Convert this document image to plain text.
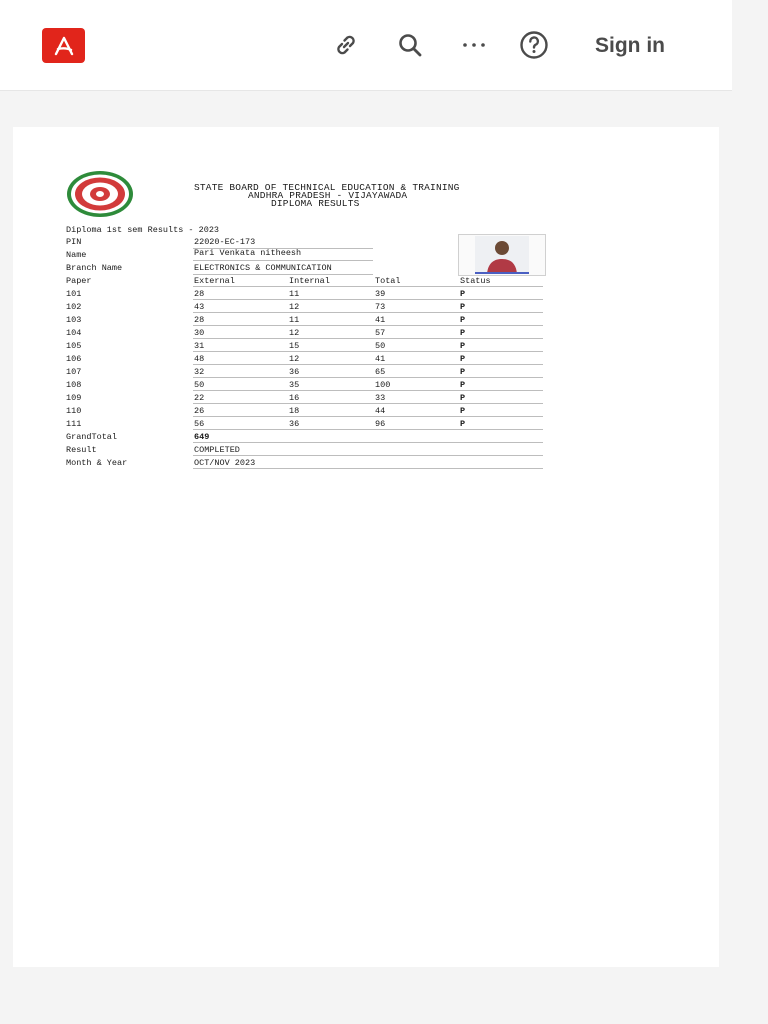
Sign in
STATE BOARD OF TECHNICAL EDUCATION & TRAINING
ANDHRA PRADESH - VIJAYAWADA
DIPLOMA RESULTS
Diploma 1st sem Results - 2023
PIN	22020-EC-173
Name	Pari Venkata nitheesh
Branch Name	ELECTRONICS & COMMUNICATION
Paper	External	Internal	Total	Status
101	28	11	39	P
102	43	12	73	P
103	28	11	41	P
104	30	12	57	P
105	31	15	50	P
106	48	12	41	P
107	32	36	65	P
108	50	35	100	P
109	22	16	33	P
110	26	18	44	P
111	56	36	96	P
GrandTotal	649
Result	COMPLETED
Month & Year	OCT/NOV 2023
